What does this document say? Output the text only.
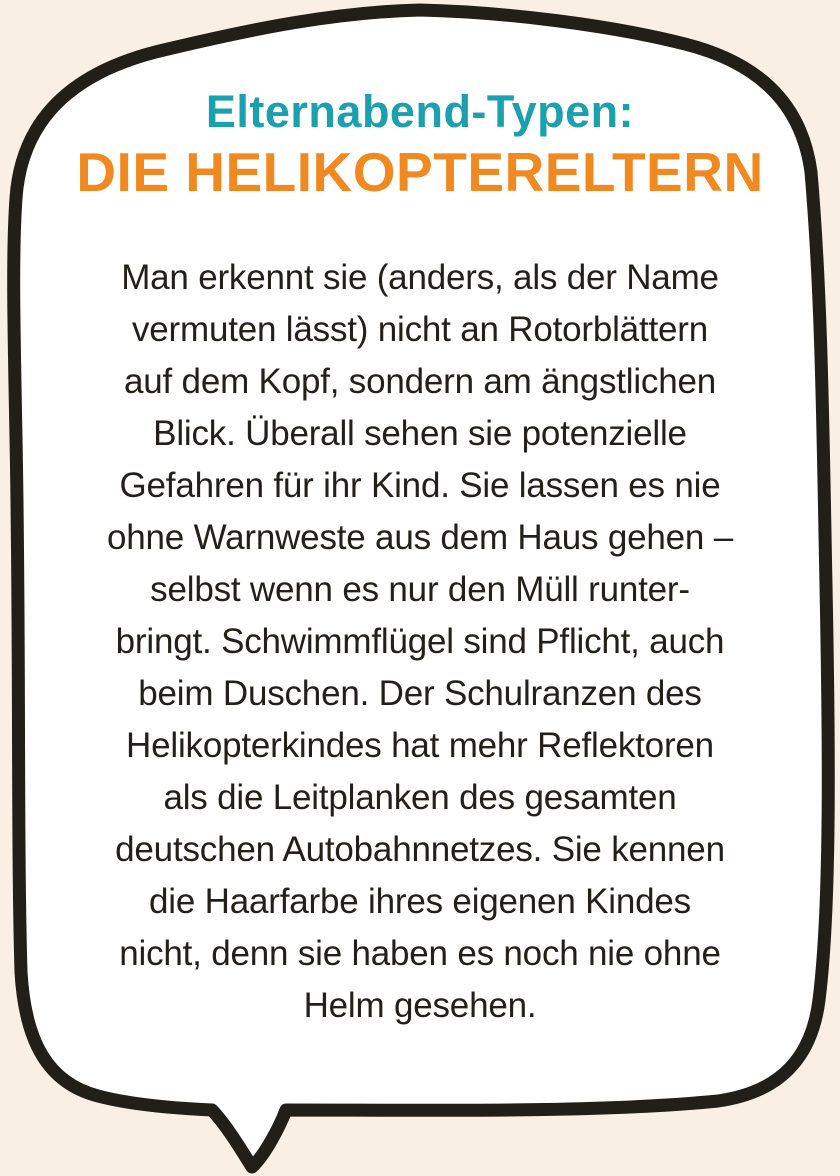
Elternabend-Typen:
DIE HELIKOPTERELTERN
Man erkennt sie (anders, als der Name
vermuten lässt) nicht an Rotorblättern
auf dem Kopf, sondern am ängstlichen
Blick. Überall sehen sie potenzielle
Gefahren für ihr Kind. Sie lassen es nie
ohne Warnweste aus dem Haus gehen –
selbst wenn es nur den Müll runter-
bringt. Schwimmflügel sind Pflicht, auch
beim Duschen. Der Schulranzen des
Helikopterkindes hat mehr Reflektoren
als die Leitplanken des gesamten
deutschen Autobahnnetzes. Sie kennen
die Haarfarbe ihres eigenen Kindes
nicht, denn sie haben es noch nie ohne
Helm gesehen.
